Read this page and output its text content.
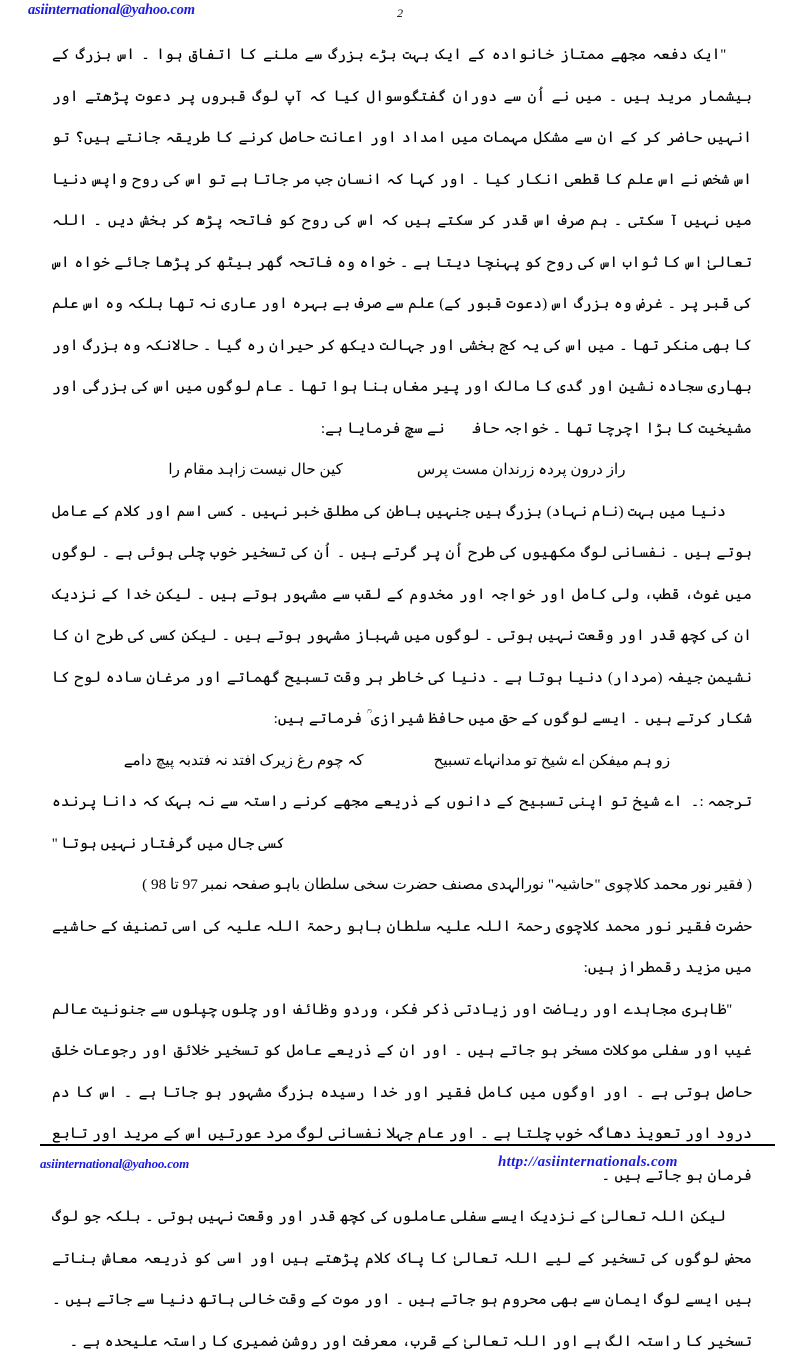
asiinternational@yahoo.com	2

''ایک دفعہ مجھے ممتاز خانوادہ کے ایک بہت بڑے بزرگ سے ملنے کا اتفاق ہوا ۔ اس بزرگ کے بیشمار مرید ہیں ۔ میں نے اُن سے دوران گفتگوسوال کیا کہ آپ لوگ قبروں پر دعوت پڑھتے اور انہیں حاضر کر کے ان سے مشکل مہمات میں امداد اور اعانت حاصل کرنے کا طریقہ جانتے ہیں؟ تو اس شخص نے اس علم کا قطعی انکار کیا ۔ اور کہا کہ انسان جب مر جاتا ہے تو اس کی روح واپس دنیا میں نہیں آ سکتی ۔ ہم صرف اس قدر کر سکتے ہیں کہ اس کی روح کو فاتحہ پڑھ کر بخش دیں ۔ اللہ تعالیٰ اس کا ثواب اس کی روح کو پہنچا دیتا ہے ۔ خواہ وہ فاتحہ گھر بیٹھ کر پڑھا جائے خواہ اس کی قبر پر ۔ غرض وہ بزرگ اس (دعوت قبور کے) علم سے صرف بے بہرہ اور عاری نہ تھا بلکہ وہ اس علم کا بھی منکر تھا ۔ میں اس کی یہ کج بخشی اور جہالت دیکھ کر حیران رہ گیا ۔ حالانکہ وہ بزرگ اور بھاری سجادہ نشین اور گدی کا مالک اور پیر مغاں بنا ہوا تھا ۔ عام لوگوں میں اس کی بزرگی اور مشیخیت کا بڑا اچرچا تھا ۔ خواجہ حافظؒ نے سچ فرمایا ہے:

راز درون پردہ زرندان مست پرس
کین حال نیست زاہد مقام را

دنیا میں بہت (نام نہاد) بزرگ ہیں جنہیں باطن کی مطلق خبر نہیں ۔ کسی اسم اور کلام کے عامل ہوتے ہیں ۔ نفسانی لوگ مکھیوں کی طرح اُن پر گرتے ہیں ۔ اُن کی تسخیر خوب چلی ہوئی ہے ۔ لوگوں میں غوث، قطب، ولی کامل اور خواجہ اور مخدوم کے لقب سے مشہور ہوتے ہیں ۔ لیکن خدا کے نزدیک ان کی کچھ قدر اور وقعت نہیں ہوتی ۔ لوگوں میں شہباز مشہور ہوتے ہیں ۔ لیکن کسی کی طرح ان کا نشیمن جیفہ (مردار) دنیا ہوتا ہے ۔ دنیا کی خاطر ہر وقت تسبیح گھماتے اور مرغانِ سادہ لوح کا شکار کرتے ہیں ۔ ایسے لوگوں کے حق میں حافظ شیرازی ؒ فرماتے ہیں:

زو ہم میفکن اے شیخ تو مدانہاے تسبیح
کہ چوم رغ زیرک افتد نہ فتدبہ پیچ دامے
ترجمہ :۔
اے شیخ تو اپنی تسبیح کے دانوں کے ذریعے مجھے کرنے راستہ سے نہ بہک کہ دانا پرندہ کسی جال میں گرفتار نہیں ہوتا ''
( فقیر نور محمد کلاچوی "حاشیہ" نورالہدی مصنف حضرت سخی سلطان باہو صفحہ نمبر 97 تا 98 )

حضرت فقیر نور محمد کلاچوی رحمۃ اللہ علیہ سلطان باہو رحمۃ اللہ علیہ کی اسی تصنیف کے حاشیے میں مزید رقمطراز ہیں:

''ظاہری مجاہدے اور ریاضت اور زیادتی ذکر فکر، وردو وظائف اور چلوں چپلوں سے جنونیت عالم غیب اور سفلی موکلات مسخر ہو جاتے ہیں ۔ اور ان کے ذریعے عامل کو تسخیر خلائق اور رجوعات خلق حاصل ہوتی ہے ۔ اور اوگوں میں کامل فقیر اور خدا رسیدہ بزرگ مشہور ہو جاتا ہے ۔ اس کا دم درود اور تعویذ دھاگہ خوب چلتا ہے ۔ اور عام جہلا نفسانی لوگ مرد عورتیں اس کے مرید اور تابع فرمان ہو جاتے ہیں ۔

لیکن اللہ تعالیٰ کے نزدیک ایسے سفلی عاملوں کی کچھ قدر اور وقعت نہیں ہوتی ۔ بلکہ جو لوگ محض لوگوں کی تسخیر کے لیے اللہ تعالیٰ کا پاک کلام پڑھتے ہیں اور اسی کو ذریعہ معاش بناتے ہیں ایسے لوگ ایمان سے بھی محروم ہو جاتے ہیں ۔ اور موت کے وقت خالی ہاتھ دنیا سے جاتے ہیں ۔ تسخیر کا راستہ الگ ہے اور اللہ تعالیٰ کے قرب، معرفت اور روشن ضمیری کا راستہ علیحدہ ہے ۔

asiinternational@yahoo.com	http://asiinternationals.com
